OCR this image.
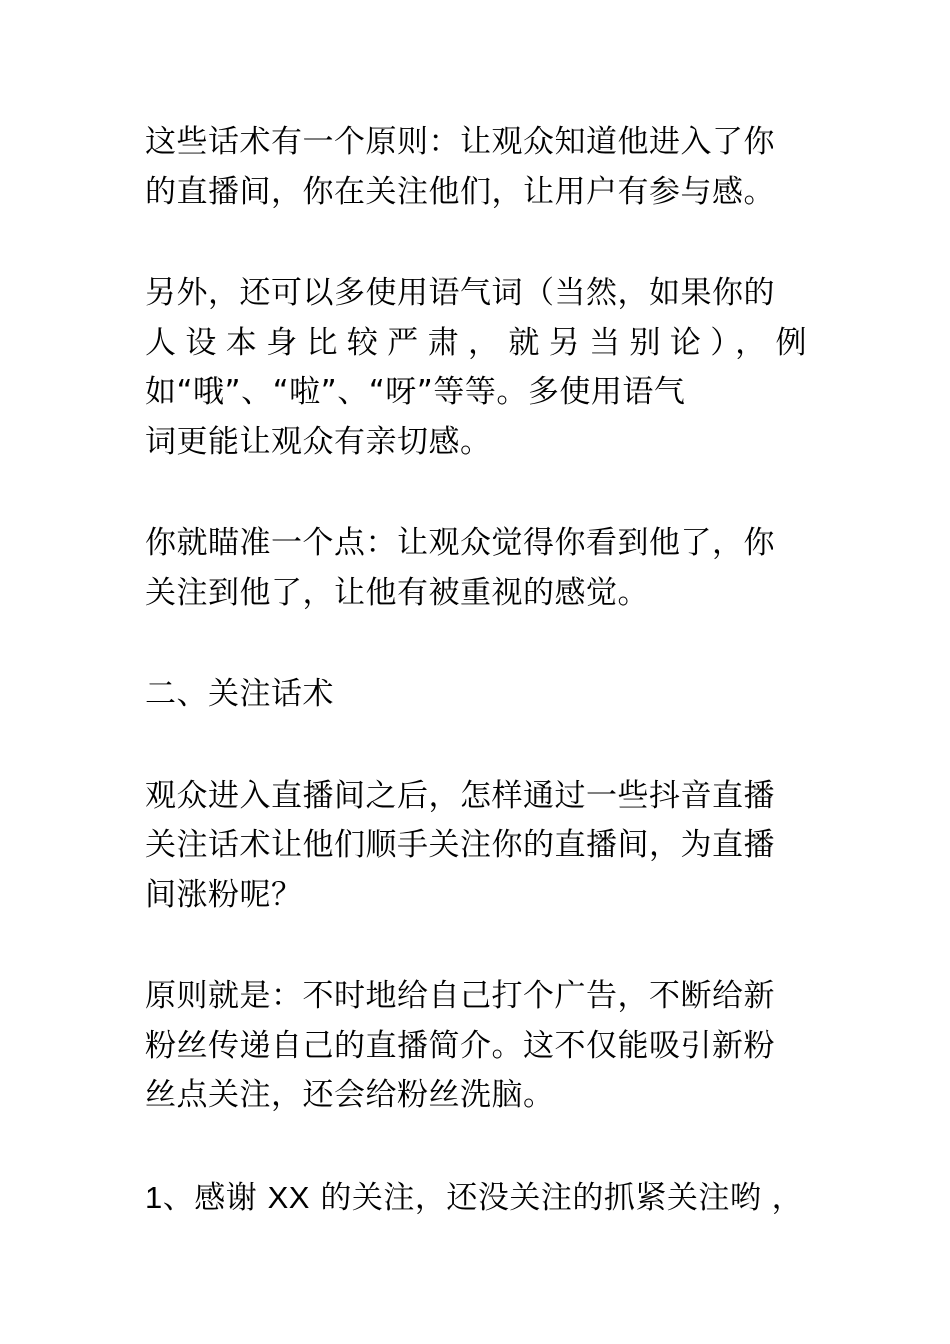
这些话术有一个原则：让观众知道他进入了你
的直播间，你在关注他们，让用户有参与感。
另外，还可以多使用语气词（当然，如果你的
人设本身比较严肃，就另当别论），例
如“哦”、“啦”、“呀”等等。多使用语气
词更能让观众有亲切感。
你就瞄准一个点：让观众觉得你看到他了，你
关注到他了，让他有被重视的感觉。
二、关注话术
观众进入直播间之后，怎样通过一些抖音直播
关注话术让他们顺手关注你的直播间，为直播
间涨粉呢？
原则就是：不时地给自己打个广告，不断给新
粉丝传递自己的直播简介。这不仅能吸引新粉
丝点关注，还会给粉丝洗脑。
1、感谢 XX 的关注，还没关注的抓紧关注哟 ，
